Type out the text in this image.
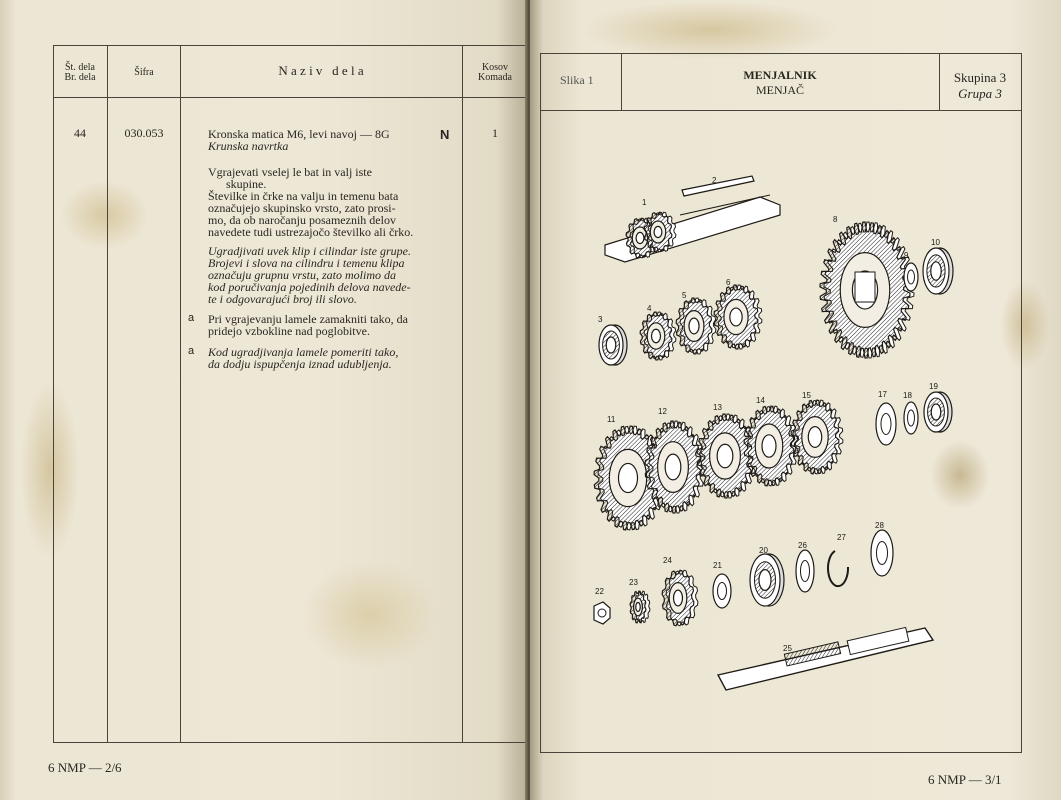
Št. dela
Br. dela	Šifra	N a z i v   d e l a	Kosov
Komada
44	030.053	Kronska matica M6, levi navoj — 8G
Krunska navrtka
N	1
Vgrajevati vselej le bat in valj iste
skupine.
Številke in črke na valju in temenu bata
označujejo skupinsko vrsto, zato prosi-
mo, da ob naročanju posameznih delov
navedete tudi ustrezajočo številko ali črko.
Ugradjivati uvek klip i cilindar iste grupe.
Brojevi i slova na cilindru i temenu klipa
označuju grupnu vrstu, zato molimo da
kod poručivanja pojedinih delova navede-
te i odgovarajući broj ili slovo.
a Pri vgrajevanju lamele zamakniti tako, da
pridejo vzbokline nad poglobitve.
a Kod ugradjivanja lamele pomeriti tako,
da dodju ispupčenja iznad udubljenja.
6 NMP — 2/6
Slika 1	MENJALNIK
MENJAČ
Skupina 3
Grupa 3
6 NMP — 3/1
1
2
3
4
5
6
8
9
10
11
12	13
14
15	17 18
19
20
21
22
23
24
25
26
27
28
